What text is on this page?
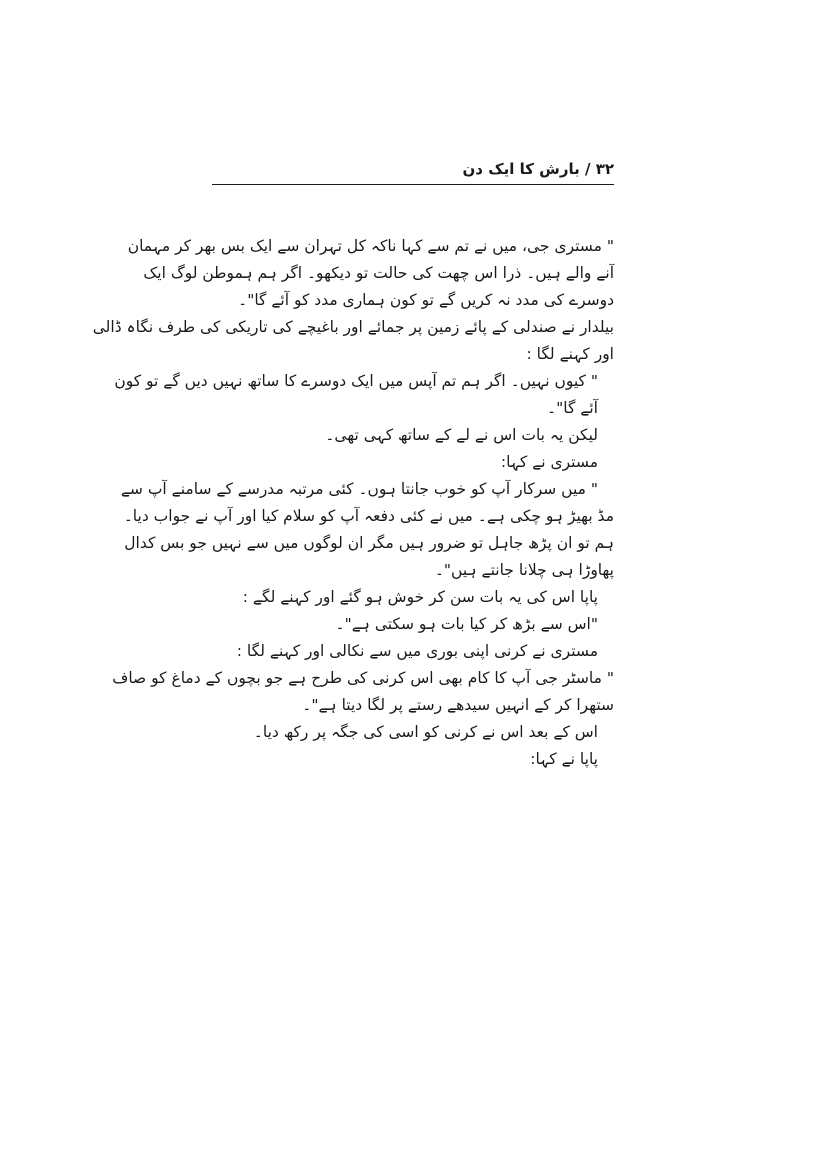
۳۲ / بارش کا ایک دن
" مستری جی، میں نے تم سے کہا ناکہ کل تہران سے ایک بس بھر کر مہمان
آنے والے ہیں۔ ذرا اس چھت کی حالت تو دیکھو۔ اگر ہم ہموطن لوگ ایک
دوسرے کی مدد نہ کریں گے تو کون ہماری مدد کو آئے گا"۔
بیلدار نے صندلی کے پائے زمین پر جمائے اور باغیچے کی تاریکی کی طرف نگاہ ڈالی
اور کہنے لگا :
" کیوں نہیں۔ اگر ہم تم آپس میں ایک دوسرے کا ساتھ نہیں دیں گے تو کون
آئے گا"۔
لیکن یہ بات اس نے لے کے ساتھ کہی تھی۔
مستری نے کہا:
" میں سرکار آپ کو خوب جانتا ہوں۔ کئی مرتبہ مدرسے کے سامنے آپ سے
مڈ بھیڑ ہو چکی ہے۔ میں نے کئی دفعہ آپ کو سلام کیا اور آپ نے جواب دیا۔
ہم تو ان پڑھ جاہل تو ضرور ہیں مگر ان لوگوں میں سے نہیں جو بس کدال
پھاوڑا ہی چلانا جانتے ہیں"۔
پاپا اس کی یہ بات سن کر خوش ہو گئے اور کہنے لگے :
"اس سے بڑھ کر کیا بات ہو سکتی ہے"۔
مستری نے کرنی اپنی بوری میں سے نکالی اور کہنے لگا :
" ماسٹر جی آپ کا کام بھی اس کرنی کی طرح ہے جو بچوں کے دماغ کو صاف
ستھرا کر کے انہیں سیدھے رستے پر لگا دیتا ہے"۔
اس کے بعد اس نے کرنی کو اسی کی جگہ پر رکھ دیا۔
پاپا نے کہا:
